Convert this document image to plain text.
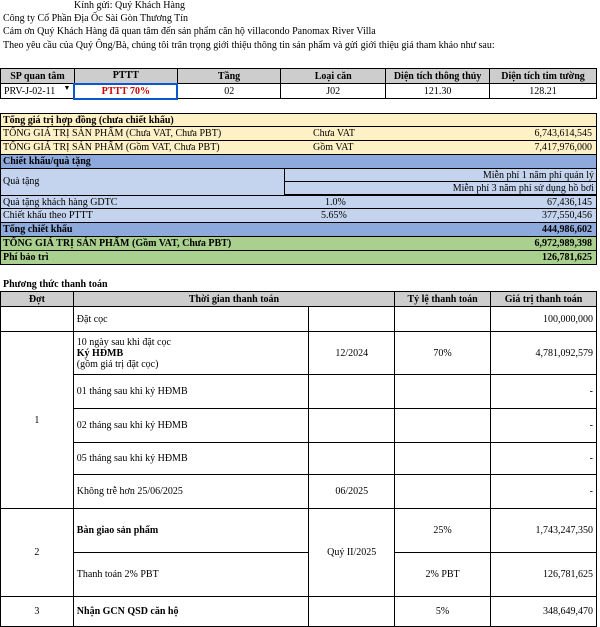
Kính gửi: Quý Khách Hàng
Công ty Cổ Phần Địa Ốc Sài Gòn Thương Tín
Cám ơn Quý Khách Hàng đã quan tâm đến sản phẩm căn hộ villacondo Panomax River Villa
Theo yêu cầu của Quý Ông/Bà, chúng tôi trân trọng giới thiệu thông tin sản phẩm và gửi giới thiệu giá tham khảo như sau:
SP quan tâm	PTTT	Tầng	Loại căn	Diện tích thông thủy	Diện tích tim tường
PRV-J-02-11 ▼	PTTT 70%	02	J02	121.30	128.21
Tổng giá trị hợp đồng (chưa chiết khấu)
TỔNG GIÁ TRỊ SẢN PHẨM (Chưa VAT, Chưa PBT)	Chưa VAT	6,743,614,545
TỔNG GIÁ TRỊ SẢN PHẨM (Gồm VAT, Chưa PBT)	Gồm VAT	7,417,976,000
Chiết khấu/quà tặng
Quà tặng
Miễn phí 1 năm phí quản lý
Miễn phí 3 năm phí sử dụng hồ bơi
Quà tặng khách hàng GDTC	1.0%	67,436,145
Chiết khấu theo PTTT	5.65%	377,550,456
Tổng chiết khấu	444,986,602
TỔNG GIÁ TRỊ SẢN PHẨM (Gồm VAT, Chưa PBT)	6,972,989,398
Phí bảo trì	126,781,625
Phương thức thanh toán
Đợt	Thời gian thanh toán		Tỷ lệ thanh toán	Giá trị thanh toán
	Đặt cọc			100,000,000
1	10 ngày sau khi đặt cọc
Ký HĐMB
(gồm giá trị đặt cọc)	12/2024	70%	4,781,092,579
	01 tháng sau khi ký HĐMB			-
	02 tháng sau khi ký HĐMB			-
	05 tháng sau khi ký HĐMB			-
	Không trễ hơn 25/06/2025	06/2025		-
2	Bàn giao sản phẩm	Quý II/2025	25%	1,743,247,350
	Thanh toán 2% PBT		2% PBT	126,781,625
3	Nhận GCN QSD căn hộ		5%	348,649,470
